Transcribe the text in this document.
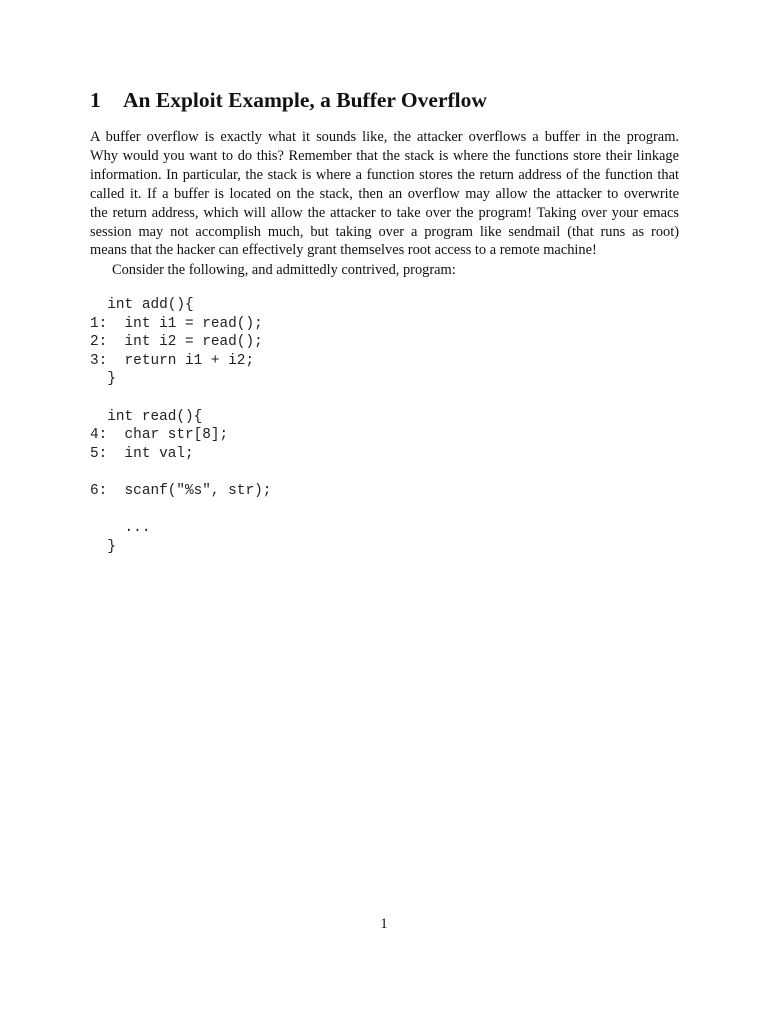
1 An Exploit Example, a Buffer Overflow

A buffer overflow is exactly what it sounds like, the attacker overflows a buffer in the program.
Why would you want to do this? Remember that the stack is where the functions store their linkage
information. In particular, the stack is where a function stores the return address of the function that
called it. If a buffer is located on the stack, then an overflow may allow the attacker to overwrite
the return address, which will allow the attacker to take over the program! Taking over your emacs
session may not accomplish much, but taking over a program like sendmail (that runs as root)
means that the hacker can effectively grant themselves root access to a remote machine!

Consider the following, and admittedly contrived, program:

int add(){
1:  int i1 = read();
2:  int i2 = read();
3:  return i1 + i2;
}
int read(){
4:  char str[8];
5:  int val;
6:  scanf("%s", str);
...
}
1
